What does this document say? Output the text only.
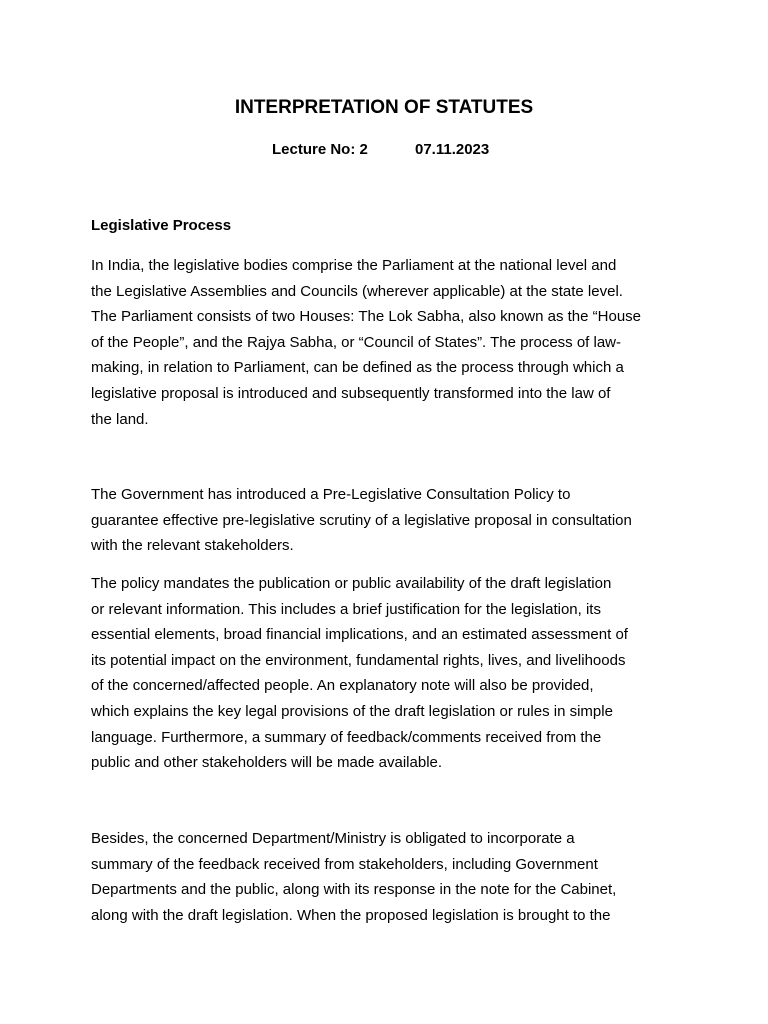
INTERPRETATION OF STATUTES
Lecture No: 2	07.11.2023
Legislative Process
In India, the legislative bodies comprise the Parliament at the national level and
the Legislative Assemblies and Councils (wherever applicable) at the state level.
The Parliament consists of two Houses: The Lok Sabha, also known as the “House
of the People”, and the Rajya Sabha, or “Council of States”. The process of law-
making, in relation to Parliament, can be defined as the process through which a
legislative proposal is introduced and subsequently transformed into the law of
the land.
The Government has introduced a Pre-Legislative Consultation Policy to
guarantee effective pre-legislative scrutiny of a legislative proposal in consultation
with the relevant stakeholders.
The policy mandates the publication or public availability of the draft legislation
or relevant information. This includes a brief justification for the legislation, its
essential elements, broad financial implications, and an estimated assessment of
its potential impact on the environment, fundamental rights, lives, and livelihoods
of the concerned/affected people. An explanatory note will also be provided,
which explains the key legal provisions of the draft legislation or rules in simple
language. Furthermore, a summary of feedback/comments received from the
public and other stakeholders will be made available.
Besides, the concerned Department/Ministry is obligated to incorporate a
summary of the feedback received from stakeholders, including Government
Departments and the public, along with its response in the note for the Cabinet,
along with the draft legislation. When the proposed legislation is brought to the
